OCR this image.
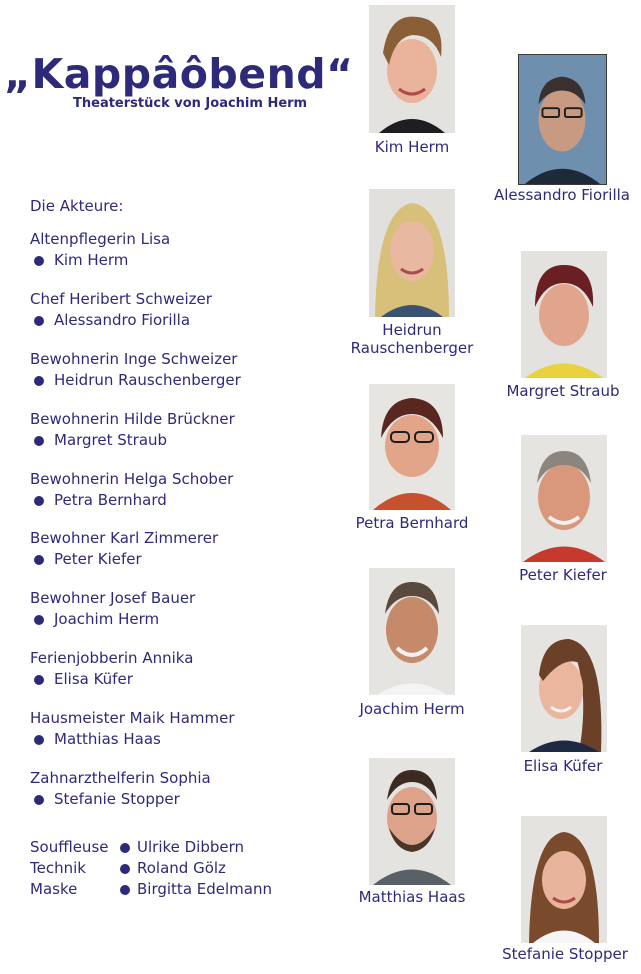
„Kappâôbend“
Theaterstück von Joachim Herm
Die Akteure:
Altenpflegerin Lisa
Kim Herm
Chef Heribert Schweizer
Alessandro Fiorilla
Bewohnerin Inge Schweizer
Heidrun Rauschenberger
Bewohnerin Hilde Brückner
Margret Straub
Bewohnerin Helga Schober
Petra Bernhard
Bewohner Karl Zimmerer
Peter Kiefer
Bewohner Josef Bauer
Joachim Herm
Ferienjobberin Annika
Elisa Küfer
Hausmeister Maik Hammer
Matthias Haas
Zahnarzthelferin Sophia
Stefanie Stopper
Souffleuse Ulrike Dibbern
Technik	Roland Gölz
Maske	Birgitta Edelmann
Kim Herm
Heidrun
Rauschenberger
Petra Bernhard
Joachim Herm
Matthias Haas
Alessandro Fiorilla
Margret Straub
Peter Kiefer
Elisa Küfer
Stefanie Stopper
